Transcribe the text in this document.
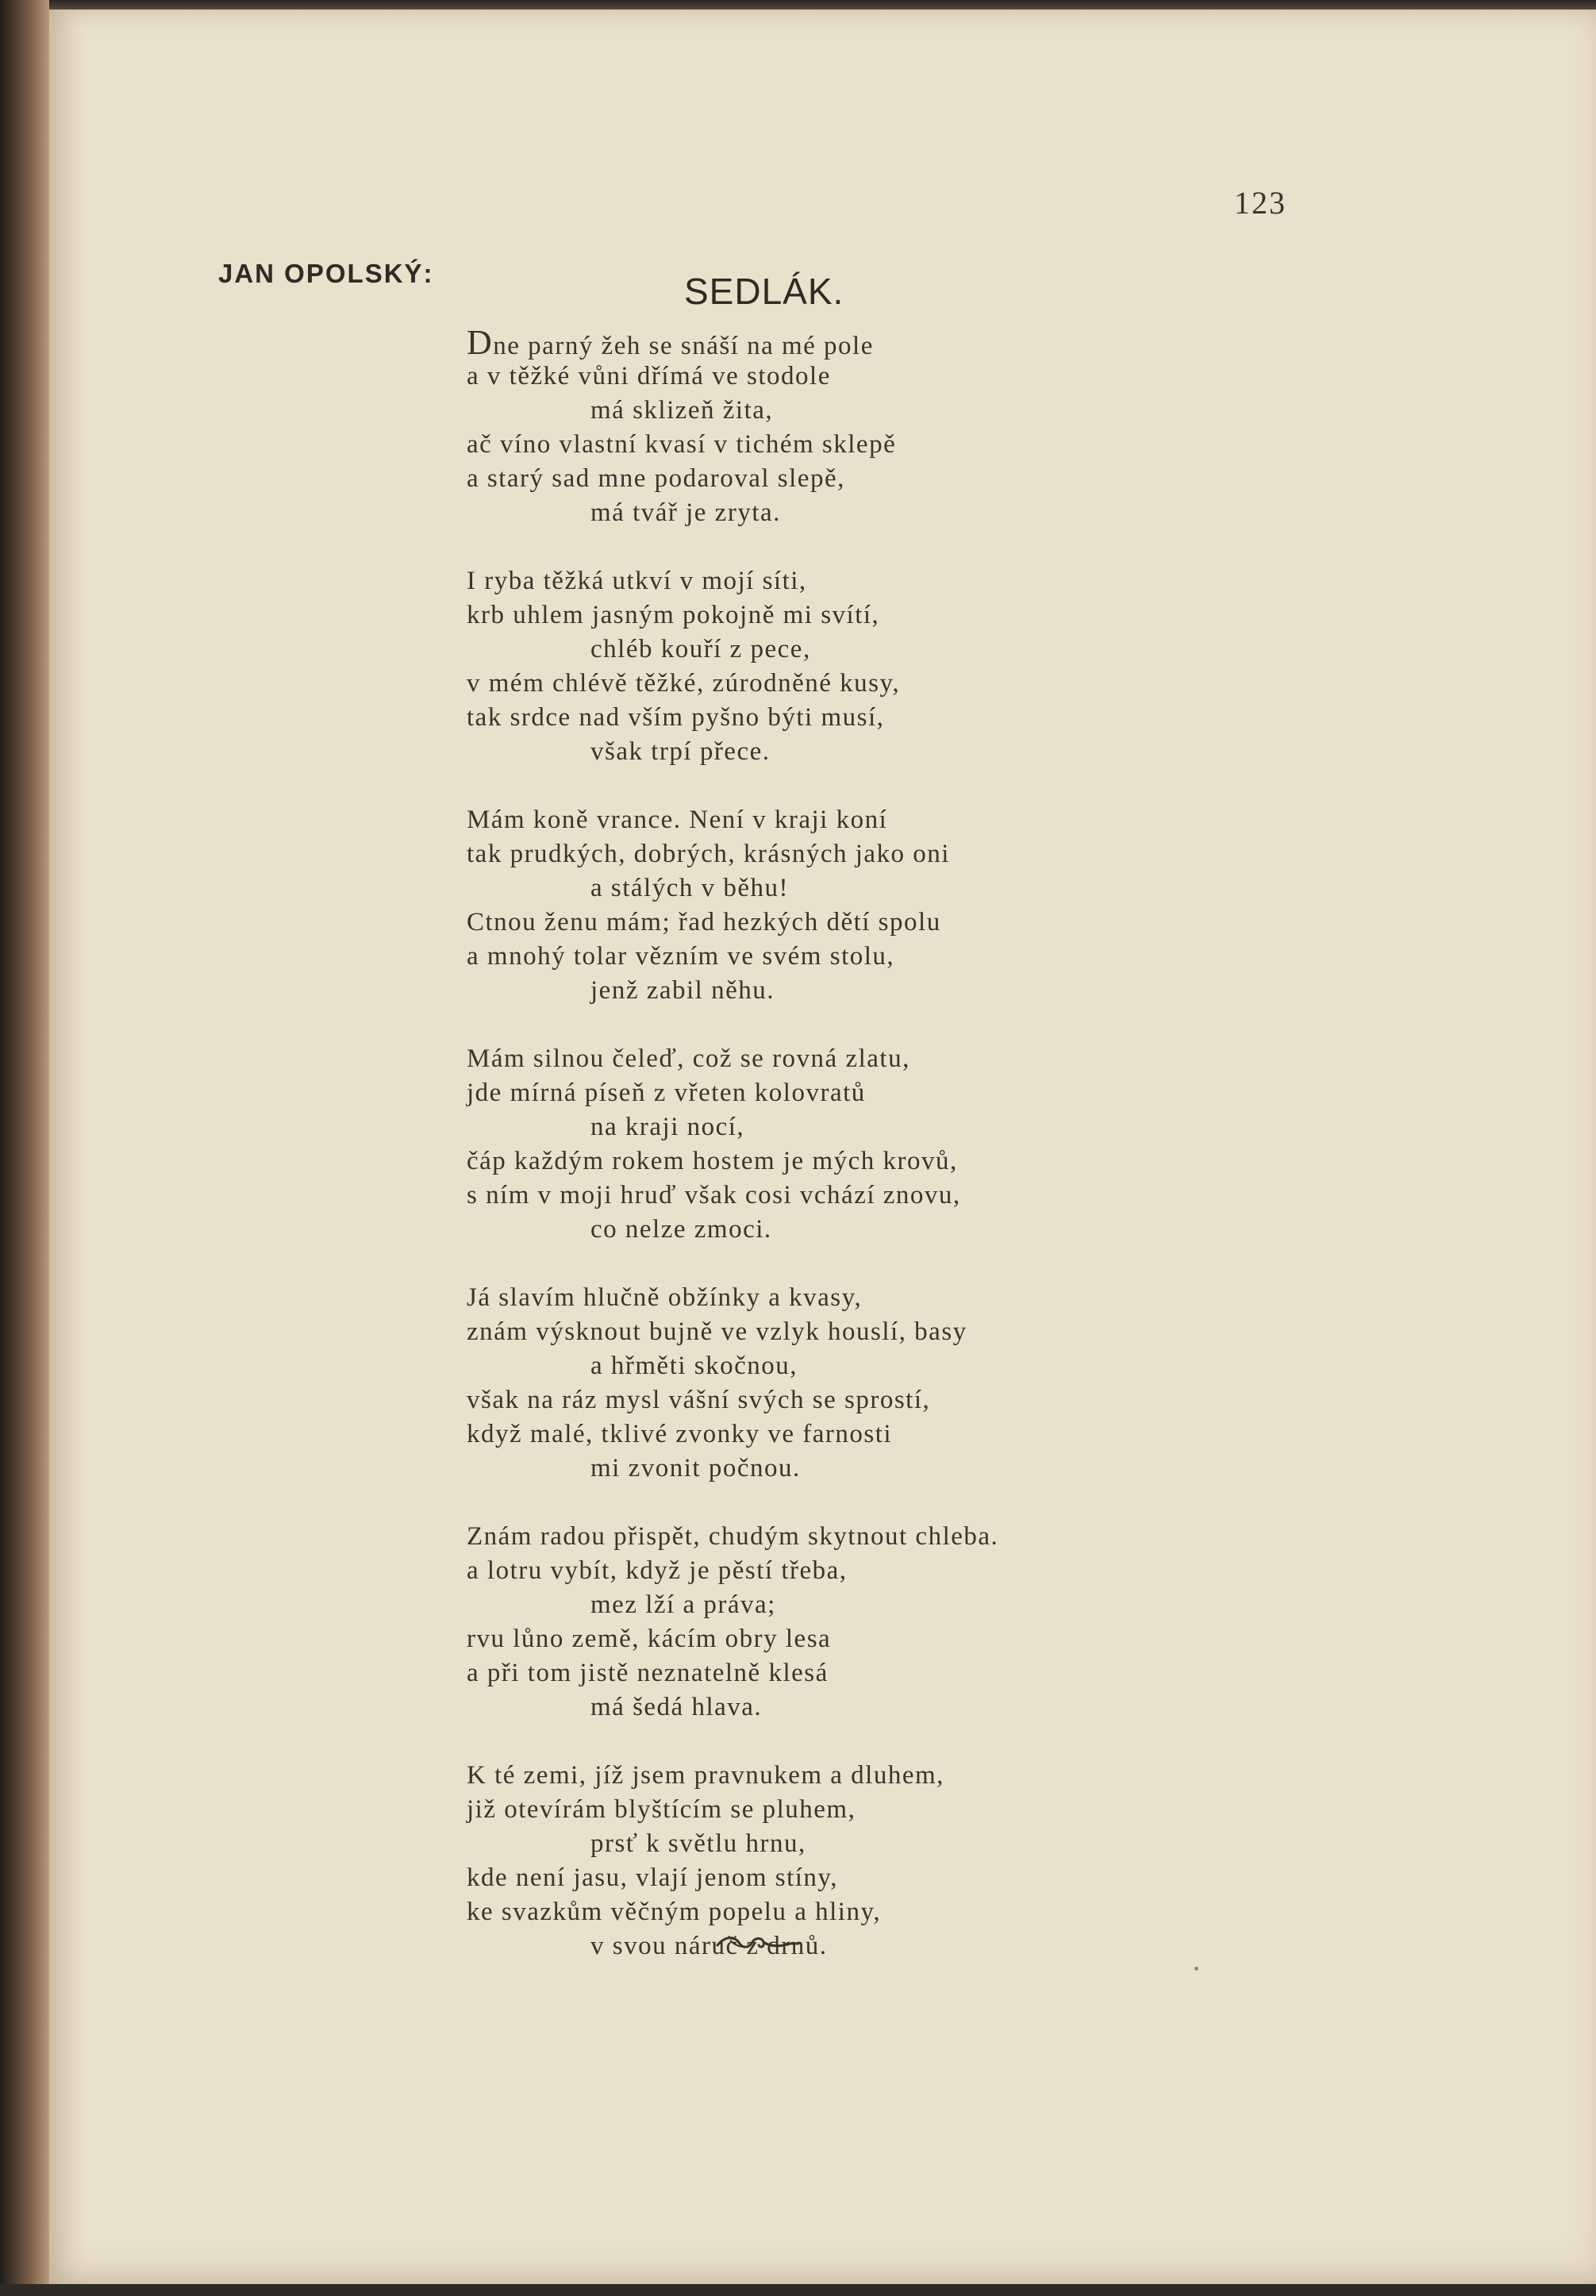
123
JAN OPOLSKÝ:	SEDLÁK.
Dne parný žeh se snáší na mé pole
a v těžké vůni dřímá ve stodole
má sklizeň žita,
ač víno vlastní kvasí v tichém sklepě
a starý sad mne podaroval slepě,
má tvář je zryta.
I ryba těžká utkví v mojí síti,
krb uhlem jasným pokojně mi svítí,
chléb kouří z pece,
v mém chlévě těžké, zúrodněné kusy,
tak srdce nad vším pyšno býti musí,
však trpí přece.
Mám koně vrance. Není v kraji koní
tak prudkých, dobrých, krásných jako oni
a stálých v běhu!
Ctnou ženu mám; řad hezkých dětí spolu
a mnohý tolar vězním ve svém stolu,
jenž zabil něhu.
Mám silnou čeleď, což se rovná zlatu,
jde mírná píseň z vřeten kolovratů
na kraji nocí,
čáp každým rokem hostem je mých krovů,
s ním v moji hruď však cosi vchází znovu,
co nelze zmoci.
Já slavím hlučně obžínky a kvasy,
znám výsknout bujně ve vzlyk houslí, basy
a hřměti skočnou,
však na ráz mysl vášní svých se sprostí,
když malé, tklivé zvonky ve farnosti
mi zvonit počnou.
Znám radou přispět, chudým skytnout chleba.
a lotru vybít, když je pěstí třeba,
mez lží a práva;
rvu lůno země, kácím obry lesa
a při tom jistě neznatelně klesá
má šedá hlava.
K té zemi, jíž jsem pravnukem a dluhem,
již otevírám blyštícím se pluhem,
prsť k světlu hrnu,
kde není jasu, vlají jenom stíny,
ke svazkům věčným popelu a hliny,
v svou náruč z drnů.
